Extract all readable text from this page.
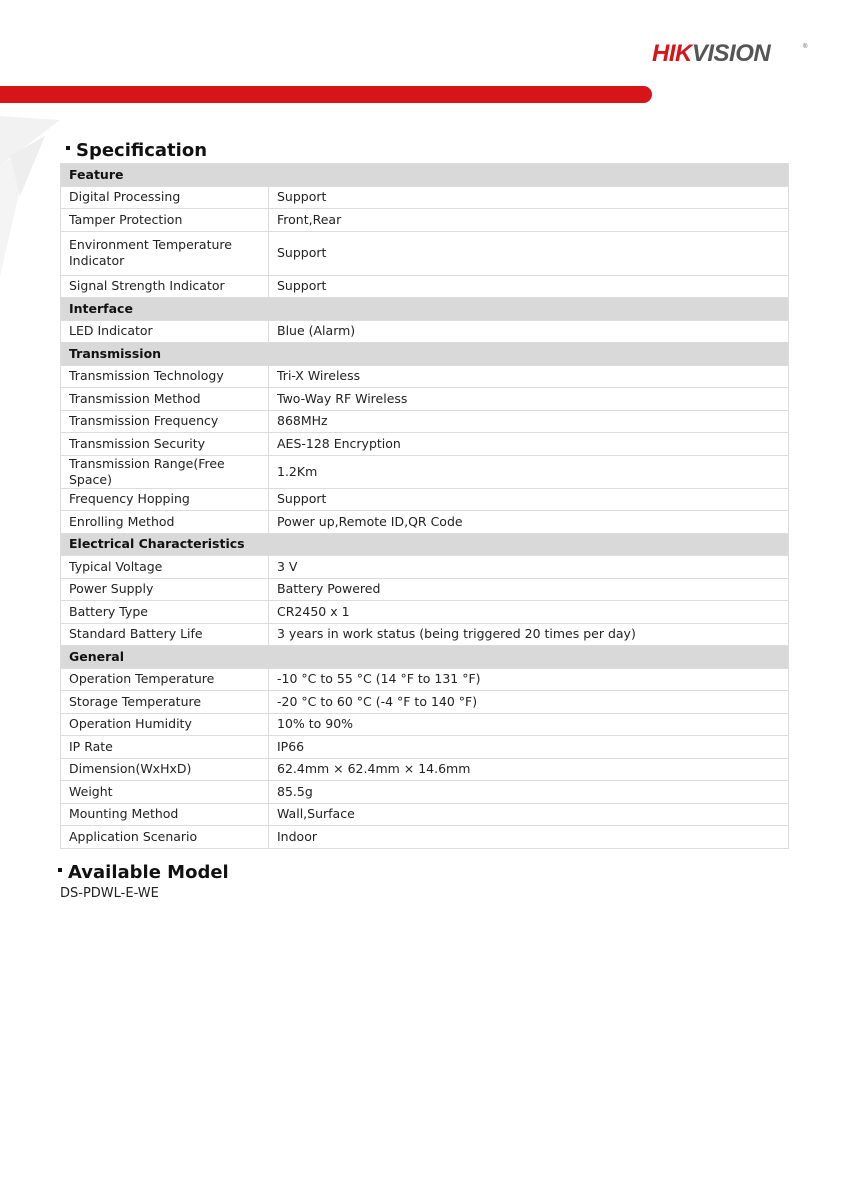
HIKVISION	®
Specification
Feature	
Digital Processing	Support
Tamper Protection	Front,Rear
Environment Temperature Indicator	Support
Signal Strength Indicator	Support
Interface	
LED Indicator	Blue (Alarm)
Transmission	
Transmission Technology	Tri-X Wireless
Transmission Method	Two-Way RF Wireless
Transmission Frequency	868MHz
Transmission Security	AES-128 Encryption
Transmission Range(Free Space)	1.2Km
Frequency Hopping	Support
Enrolling Method	Power up,Remote ID,QR Code
Electrical Characteristics	
Typical Voltage	3 V
Power Supply	Battery Powered
Battery Type	CR2450 x 1
Standard Battery Life	3 years in work status (being triggered 20 times per day)
General	
Operation Temperature	-10 °C to 55 °C (14 °F to 131 °F)
Storage Temperature	-20 °C to 60 °C (-4 °F to 140 °F)
Operation Humidity	10% to 90%
IP Rate	IP66
Dimension(WxHxD)	62.4mm × 62.4mm × 14.6mm
Weight	85.5g
Mounting Method	Wall,Surface
Application Scenario	Indoor
Available Model
DS-PDWL-E-WE
